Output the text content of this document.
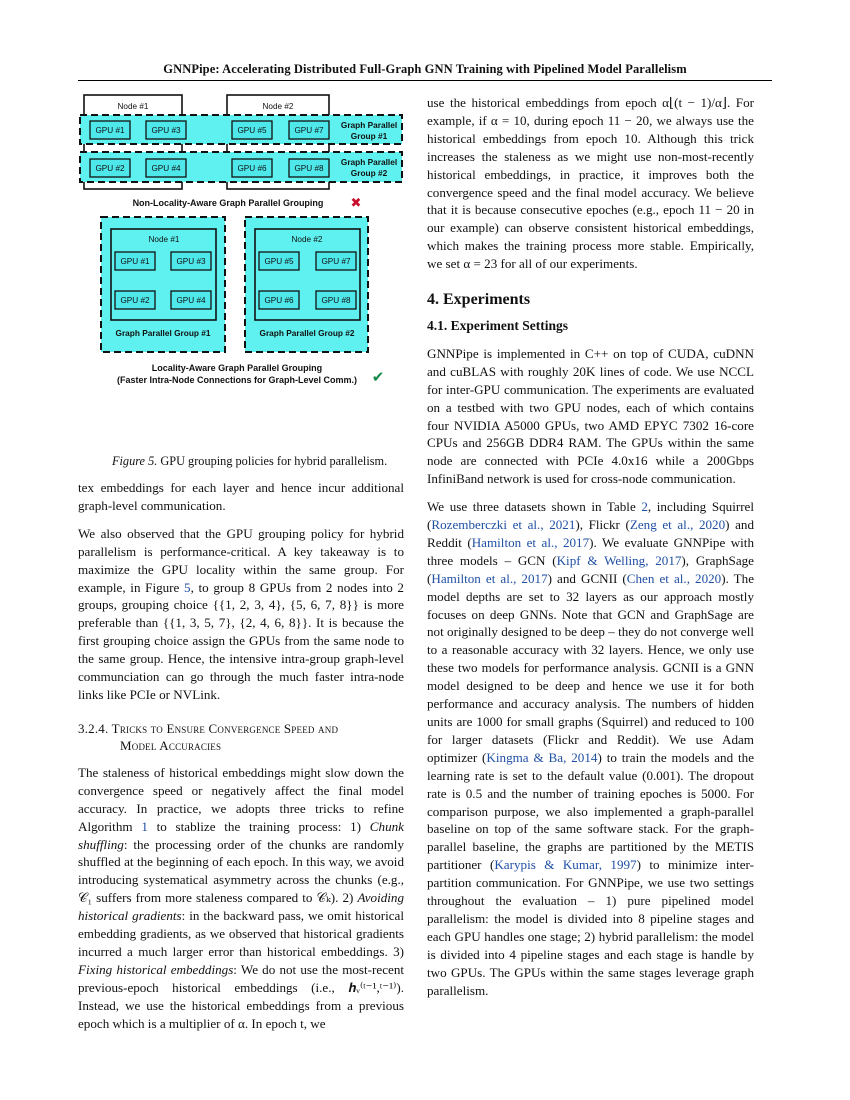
GNNPipe: Accelerating Distributed Full-Graph GNN Training with Pipelined Model Parallelism
Node #1	Node #2
GPU #1	GPU #3	GPU #5	GPU #7
GPU #2	GPU #4	GPU #6	GPU #8
Graph Parallel
Group #1
Graph Parallel
Group #2
Non-Locality-Aware Graph Parallel Grouping ✖
Node #1	Node #2
GPU #1	GPU #3
GPU #2	GPU #4
GPU #5	GPU #7
GPU #6	GPU #8
Graph Parallel Group #1	Graph Parallel Group #2
Locality-Aware Graph Parallel Grouping
(Faster Intra-Node Connections for Graph-Level Comm.) ✔
Figure 5. GPU grouping policies for hybrid parallelism.

tex embeddings for each layer and hence incur additional graph-level communication.

We also observed that the GPU grouping policy for hybrid parallelism is performance-critical. A key takeaway is to maximize the GPU locality within the same group. For example, in Figure 5, to group 8 GPUs from 2 nodes into 2 groups, grouping choice {{1, 2, 3, 4}, {5, 6, 7, 8}} is more preferable than {{1, 3, 5, 7}, {2, 4, 6, 8}}. It is because the first grouping choice assign the GPUs from the same node to the same group. Hence, the intensive intra-group graph-level communciation can go through the much faster intra-node links like PCIe or NVLink.

3.2.4. Tricks to Ensure Convergence Speed and
Model Accuracies

The staleness of historical embeddings might slow down the convergence speed or negatively affect the final model accuracy. In practice, we adopts three tricks to refine Algorithm 1 to stablize the training process: 1) Chunk shuffling: the processing order of the chunks are randomly shuffled at the beginning of each epoch. In this way, we avoid introducing systematical asymmetry across the chunks (e.g., 𝒞₁ suffers from more staleness compared to 𝒞ₖ). 2) Avoiding historical gradients: in the backward pass, we omit historical embedding gradients, as we observed that historical gradients incurred a much larger error than historical embeddings. 3) Fixing historical embeddings: We do not use the most-recent previous-epoch historical embeddings (i.e., 𝒉ᵥ⁽ᵗ⁻¹,ᵗ⁻¹⁾). Instead, we use the historical embeddings from a previous epoch which is a multiplier of α. In epoch t, we

use the historical embeddings from epoch α⌊(t − 1)/α⌋. For example, if α = 10, during epoch 11 − 20, we always use the historical embeddings from epoch 10. Although this trick increases the staleness as we might use non-most-recently historical embeddings, in practice, it improves both the convergence speed and the final model accuracy. We believe that it is because consecutive epoches (e.g., epoch 11 − 20 in our example) can observe consistent historical embeddings, which makes the training process more stable. Empirically, we set α = 23 for all of our experiments.

4. Experiments
4.1. Experiment Settings

GNNPipe is implemented in C++ on top of CUDA, cuDNN and cuBLAS with roughly 20K lines of code. We use NCCL for inter-GPU communication. The experiments are evaluated on a testbed with two GPU nodes, each of which contains four NVIDIA A5000 GPUs, two AMD EPYC 7302 16-core CPUs and 256GB DDR4 RAM. The GPUs within the same node are connected with PCIe 4.0x16 while a 200Gbps InfiniBand network is used for cross-node communication.

We use three datasets shown in Table 2, including Squirrel (Rozemberczki et al., 2021), Flickr (Zeng et al., 2020) and Reddit (Hamilton et al., 2017). We evaluate GNNPipe with three models – GCN (Kipf & Welling, 2017), GraphSage (Hamilton et al., 2017) and GCNII (Chen et al., 2020). The model depths are set to 32 layers as our approach mostly focuses on deep GNNs. Note that GCN and GraphSage are not originally designed to be deep – they do not converge well to a reasonable accuracy with 32 layers. Hence, we only use these two models for performance analysis. GCNII is a GNN model designed to be deep and hence we use it for both performance and accuracy analysis. The numbers of hidden units are 1000 for small graphs (Squirrel) and reduced to 100 for larger datasets (Flickr and Reddit). We use Adam optimizer (Kingma & Ba, 2014) to train the models and the learning rate is set to the default value (0.001). The dropout rate is 0.5 and the number of training epoches is 5000. For comparison purpose, we also implemented a graph-parallel baseline on top of the same software stack. For the graph-parallel baseline, the graphs are partitioned by the METIS partitioner (Karypis & Kumar, 1997) to minimize inter-partition communication. For GNNPipe, we use two settings throughout the evaluation – 1) pure pipelined model parallelism: the model is divided into 8 pipeline stages and each GPU handles one stage; 2) hybrid parallelism: the model is divided into 4 pipeline stages and each stage is handle by two GPUs. The GPUs within the same stages leverage graph parallelism.
